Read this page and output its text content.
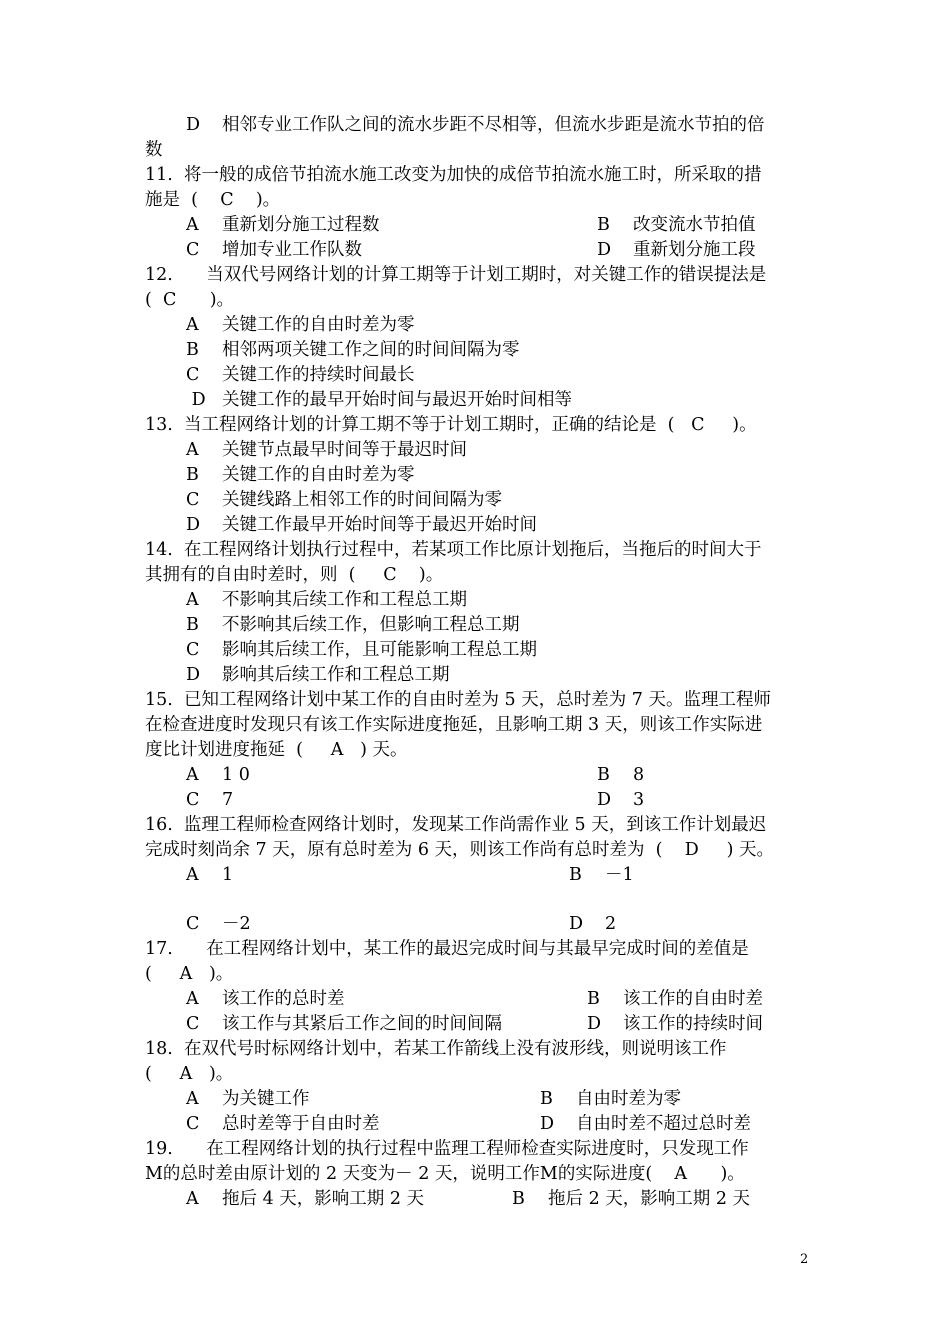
D 相邻专业工作队之间的流水步距不尽相等，但流水步距是流水节拍的倍
数
11.  将一般的成倍节拍流水施工改变为加快的成倍节拍流水施工时，所采取的措
施是  (    C    )。
A 重新划分施工过程数	B 改变流水节拍值
C 增加专业工作队数	D 重新划分施工段
12.      当双代号网络计划的计算工期等于计划工期时，对关键工作的错误提法是
(  C      )。
A 关键工作的自由时差为零
B 相邻两项关键工作之间的时间间隔为零
C 关键工作的持续时间最长
D 关键工作的最早开始时间与最迟开始时间相等
13.  当工程网络计划的计算工期不等于计划工期时，正确的结论是  (   C     )。
A 关键节点最早时间等于最迟时间
B 关键工作的自由时差为零
C 关键线路上相邻工作的时间间隔为零
D 关键工作最早开始时间等于最迟开始时间
14.  在工程网络计划执行过程中，若某项工作比原计划拖后，当拖后的时间大于
其拥有的自由时差时，则  (     C    )。
A 不影响其后续工作和工程总工期
B 不影响其后续工作，但影响工程总工期
C 影响其后续工作，且可能影响工程总工期
D 影响其后续工作和工程总工期
15.  已知工程网络计划中某工作的自由时差为 5 天，总时差为 7 天。监理工程师
在检查进度时发现只有该工作实际进度拖延，且影响工期 3 天，则该工作实际进
度比计划进度拖延  (     A   ) 天。
A 1 0	B 8
C 7	D 3
16.  监理工程师检查网络计划时，发现某工作尚需作业 5 天，到该工作计划最迟
完成时刻尚余 7 天，原有总时差为 6 天，则该工作尚有总时差为  (    D     ) 天。
A 1	B －1
C －2	D 2
17.      在工程网络计划中，某工作的最迟完成时间与其最早完成时间的差值是
(     A   )。
A 该工作的总时差	B 该工作的自由时差
C 该工作与其紧后工作之间的时间间隔	D 该工作的持续时间
18.  在双代号时标网络计划中，若某工作箭线上没有波形线，则说明该工作
(     A   )。
A 为关键工作	B 自由时差为零
C 总时差等于自由时差	D 自由时差不超过总时差
19.      在工程网络计划的执行过程中监理工程师检查实际进度时，只发现工作
M的总时差由原计划的 2 天变为－ 2 天，说明工作M的实际进度(    A      )。
A 拖后 4 天，影响工期 2 天	B 拖后 2 天，影响工期 2 天
2
